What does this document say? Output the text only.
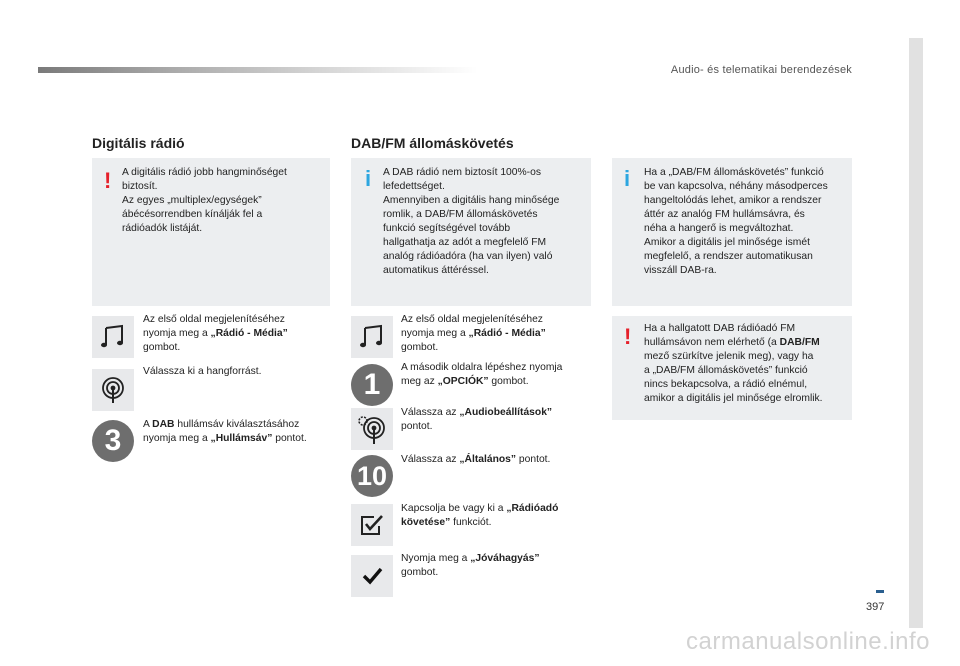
Audio- és telematikai berendezések
Digitális rádió
! A digitális rádió jobb hangminőséget
biztosít.
Az egyes „multiplex/egységek”
ábécésorrendben kínálják fel a
rádióadók listáját.
Az első oldal megjelenítéséhez
nyomja meg a „Rádió - Média”
gombot.
Válassza ki a hangforrást.
3	A DAB hullámsáv kiválasztásához
nyomja meg a „Hullámsáv” pontot.
DAB/FM állomáskövetés
i A DAB rádió nem biztosít 100%-os
lefedettséget.
Amennyiben a digitális hang minősége
romlik, a DAB/FM állomáskövetés
funkció segítségével tovább
hallgathatja az adót a megfelelő FM
analóg rádióadóra (ha van ilyen) való
automatikus áttéréssel.
Az első oldal megjelenítéséhez
nyomja meg a „Rádió - Média”
gombot.
1
A második oldalra lépéshez nyomja
meg az „OPCIÓK” gombot.
Válassza az „Audiobeállítások”
pontot.
10
Válassza az „Általános” pontot.
Kapcsolja be vagy ki a „Rádióadó
követése” funkciót.
Nyomja meg a „Jóváhagyás”
gombot.
i Ha a „DAB/FM állomáskövetés” funkció
be van kapcsolva, néhány másodperces
hangeltolódás lehet, amikor a rendszer
áttér az analóg FM hullámsávra, és
néha a hangerő is megváltozhat.
Amikor a digitális jel minősége ismét
megfelelő, a rendszer automatikusan
visszáll DAB-ra.
! Ha a hallgatott DAB rádióadó FM
hullámsávon nem elérhető (a DAB/FM
mező szürkítve jelenik meg), vagy ha
a „DAB/FM állomáskövetés” funkció
nincs bekapcsolva, a rádió elnémul,
amikor a digitális jel minősége elromlik.
397
carmanualsonline.info
